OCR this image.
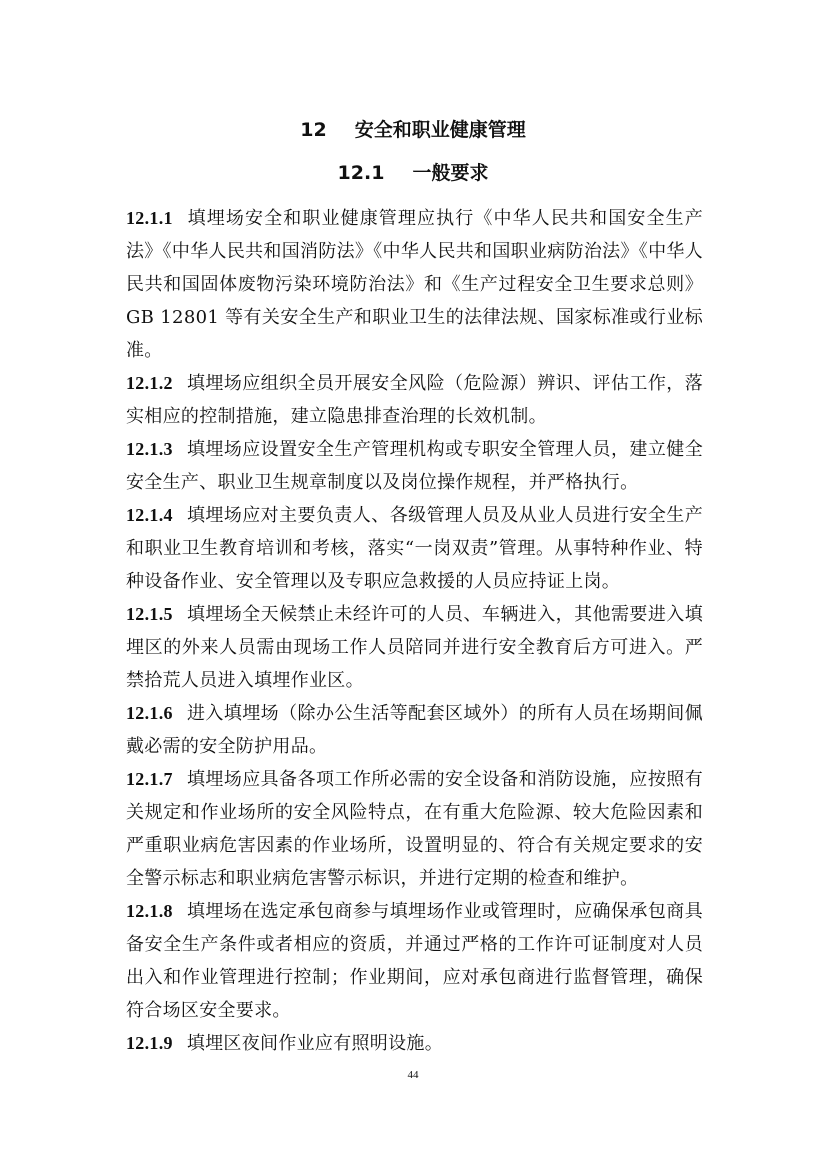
12 安全和职业健康管理
12.1 一般要求

12.1.1 填埋场安全和职业健康管理应执行《中华人民共和国安全生产法》《中华人民共和国消防法》《中华人民共和国职业病防治法》《中华人民共和国固体废物污染环境防治法》和《生产过程安全卫生要求总则》GB 12801 等有关安全生产和职业卫生的法律法规、国家标准或行业标准。

12.1.2 填埋场应组织全员开展安全风险（危险源）辨识、评估工作，落实相应的控制措施，建立隐患排查治理的长效机制。

12.1.3 填埋场应设置安全生产管理机构或专职安全管理人员，建立健全安全生产、职业卫生规章制度以及岗位操作规程，并严格执行。

12.1.4 填埋场应对主要负责人、各级管理人员及从业人员进行安全生产和职业卫生教育培训和考核，落实“一岗双责”管理。从事特种作业、特种设备作业、安全管理以及专职应急救援的人员应持证上岗。

12.1.5 填埋场全天候禁止未经许可的人员、车辆进入，其他需要进入填埋区的外来人员需由现场工作人员陪同并进行安全教育后方可进入。严禁拾荒人员进入填埋作业区。

12.1.6 进入填埋场（除办公生活等配套区域外）的所有人员在场期间佩戴必需的安全防护用品。

12.1.7 填埋场应具备各项工作所必需的安全设备和消防设施，应按照有关规定和作业场所的安全风险特点，在有重大危险源、较大危险因素和严重职业病危害因素的作业场所，设置明显的、符合有关规定要求的安全警示标志和职业病危害警示标识，并进行定期的检查和维护。

12.1.8 填埋场在选定承包商参与填埋场作业或管理时，应确保承包商具备安全生产条件或者相应的资质，并通过严格的工作许可证制度对人员出入和作业管理进行控制；作业期间，应对承包商进行监督管理，确保符合场区安全要求。

12.1.9 填埋区夜间作业应有照明设施。

44
